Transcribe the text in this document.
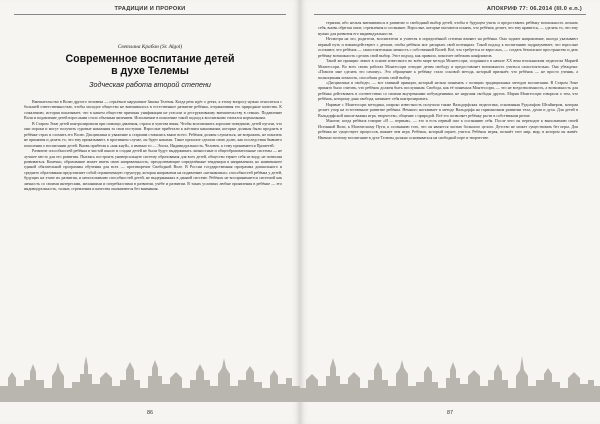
ТРАДИЦИИ И ПРОРОКИ
Светлана Крабан (Sr. Algol)
Современное воспитание детей
в духе Телемы
Зодческая работа второй степени

Вмешательство в Волю другого человека — серьёзное нарушение Закона Телемы. Когда речь идёт о детях, к этому вопросу нужно относиться с большей ответственностью, чтобы молодое общество не вмешивалось в естественное развитие ребёнка, отграничивая его природные качества. К сожалению, история показывает, что в нашем обществе причины унификации не угасали и деструктивному вмешательству в семьях. Подавление Воли и подавление детей взрослыми стало обычным явлением. Исполнение в поколение такой подход к воспитанию считался нормальным.

В Старом Эоне детей контролировали при помощи давления, страха и чувства вины. Чтобы воспитывать хорошие поведение, детей пугали, что они пороки и могут получить суровые наказания за свои поступки. Взрослые прибегали к жёстким наказаниям, которые должны были продлить в ребёнке страх и сломить его Волю. Дисциплина и уважение к старшим ставились выше всего. Ребёнок должен слушаться, не возражать, не показать не принятия и делать то, что ему приказывают, в противном случае, он будет наказан. Такое прошлое сделали свою долю, как последствия бывшего поколения о воспитании детей. Вновь прибегая к «как кнуй», а именно то — Эпоха, Индивидуальность, Человек, к тому принимается Прометей.

Развитие способностей ребёнка в чистой школе и стадии детей не были будут выдерживать личностные и общеобразовательные системы — не лучшее место для его развития. Пытаясь построить универсальную систему образования для всех детей, общество теряет себя из виду, не позволяя развиваться. Конечно, образование может иметь свою направленность, преодолевающие определённые тенденции в направлении, но наименьшее единой обязательной программы обучения для всех — противоречит Свободной Воле. В России государственная программа дошкольного и среднего образования представляет собой ограниченную структуру, которая направлена на подавление «незнакомых» способностей ребёнка у детей, будущих на этапе их развития, и неисполнению способностей детей, не выдержанных в данной системе. Ребёнок не воспринимается системой как личность со своими интересами, желаниями и потребностями в развитии, учёбе и развитии. В таких условиях любые проявления в ребёнке — его индивидуальность, талант, стремления и качества оказываются без внимания.

86
АПОКРИФ 77: 06.2014 (III.0 e.n.)

терапии, ибо нельзя вмешиваться в развитие и свободный выбор детей, чтобы в будущем учить и предоставить ребёнку возможность познать себя, вновь обретая опыт, стремления и осознание. Взрослые, которые пытаются понять, что ребёнок делает, что ему нравится, — сделать то, что ему нужно для развития его индивидуальности.

Несмотря на это, родители, воспитатели и учителя в определённой степени влияют на ребёнка. Они задают направление, иногда указывают верный путь и взаимодействуют с детьми, чтобы ребёнок мог раскрыть свой потенциал. Такой подход к воспитанию подразумевает, что взрослые осознают, что ребёнок — самостоятельная личность с собственной Волей. Всё, что требуется от взрослых, — создать безопасное пространство и дать ребёнку возможность сделать свой выбор. Этот подход, как правило, помогает избежать конфликтов.

Такой же принцип лежит в основе известного во всём мире метода Монтессори, созданного в начале XX века итальянским педагогом Марией Монтессори. Во всех своих работах Монтессори отводит детям свободу и предоставляет возможность учиться самостоятельно. Она убеждена: «Помоги мне сделать это самому». Это обращение к ребёнку стало основой метода, который признаёт, что ребёнок — не просто ученик, а полноценная личность, способная делать свой выбор.

«Дисциплина в свободе» — вот главный принцип, который нельзя понимать с позиции традиционных методов воспитания. В Старом Эоне принято было считать, что ребёнок должен быть послушным. Свобода, как её понимала Монтессори, — это не вседозволенность, а возможность для ребёнка действовать в соответствии со своими внутренними побуждениями, не нарушая свободы других. Мария Монтессори говорила о том, что ребёнок, которому дана свобода, начинает себя контролировать.

Наравне с Монтессори методика, широко известность получила также Вальдорфская педагогика, основанная Рудольфом Штайнером, которая делает упор на естественное развитие ребёнка. Немного настаивает в методе Вальдорфа на гармоничном развитии тела, души и духа. Для детей в Вальдорфской школе важны игра, творчество, общение с природой. Всё это позволяет ребёнку расти в собственном ритме.

Многие, когда ребёнок говорит «Я — первым», — это и есть первый шаг к осознанию себя. После чего он переходит к выполнению своей Истинной Воли, к Магическому Пути, к осознанию того, что он является частью большого целого. Детство не может существовать без игры. Для ребёнка не существует процессов, важнее чем игра. Ребёнок, который играет, учится. Ребёнок играя, познаёт этот мир, мир, в котором он живёт. Именно поэтому воспитание в духе Телемы должно основываться на свободной игре и творчестве.

87
